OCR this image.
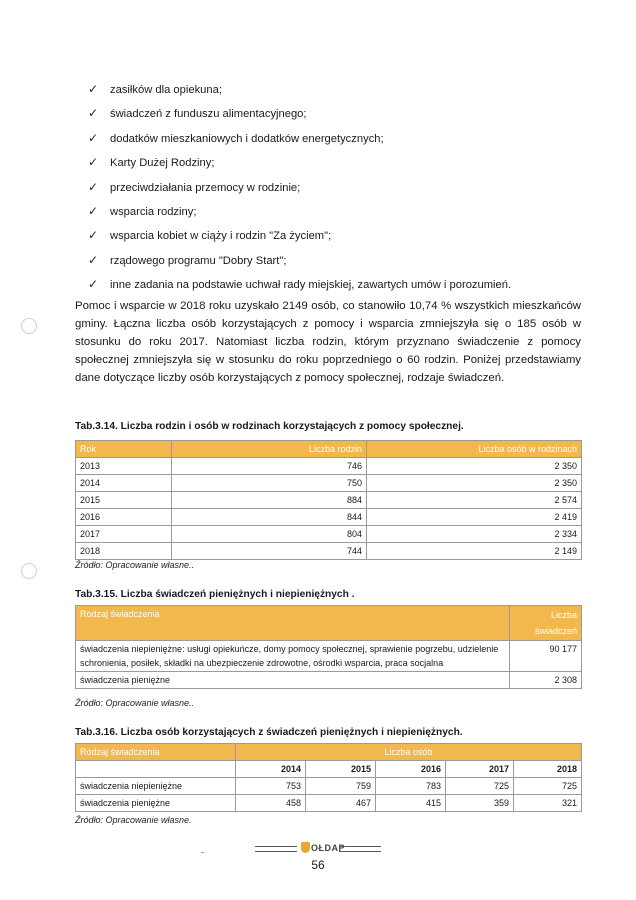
✓ zasiłków dla opiekuna;
✓ świadczeń z funduszu alimentacyjnego;
✓ dodatków mieszkaniowych i dodatków energetycznych;
✓ Karty Dużej Rodziny;
✓ przeciwdziałania przemocy w rodzinie;
✓ wsparcia rodziny;
✓ wsparcia kobiet w ciąży i rodzin "Za życiem";
✓ rządowego programu "Dobry Start";
✓ inne zadania na podstawie uchwał rady miejskiej, zawartych umów i porozumień.

Pomoc i wsparcie w 2018 roku uzyskało 2149 osób, co stanowiło 10,74 % wszystkich mieszkańców gminy. Łączna liczba osób korzystających z pomocy i wsparcia zmniejszyła się o 185 osób w stosunku do roku 2017. Natomiast liczba rodzin, którym przyznano świadczenie z pomocy społecznej zmniejszyła się w stosunku do roku poprzedniego o 60 rodzin. Poniżej przedstawiamy dane dotyczące liczby osób korzystających z pomocy społecznej, rodzaje świadczeń.

Tab.3.14. Liczba rodzin i osób w rodzinach korzystających z pomocy społecznej.
Rok	Liczba rodzin	Liczba osób w rodzinach
2013	746	2 350
2014	750	2 350
2015	884	2 574
2016	844	2 419
2017	804	2 334
2018	744	2 149
Źródło: Opracowanie własne..
Tab.3.15. Liczba świadczeń pieniężnych i niepieniężnych .
Rodzaj świadczenia	Liczba świadczeń
świadczenia niepieniężne: usługi opiekuńcze, domy pomocy społecznej, sprawienie pogrzebu, udzielenie schronienia, posiłek, składki na ubezpieczenie zdrowotne, ośrodki wsparcia, praca socjalna	90 177
świadczenia pieniężne	2 308
Źródło: Opracowanie własne..
Tab.3.16. Liczba osób korzystających z świadczeń pieniężnych i niepieniężnych.
Rodzaj świadczenia	Liczba osób				
	2014	2015	2016	2017	2018
świadczenia niepieniężne	753	759	783	725	725
świadczenia pieniężne	458	467	415	359	321
Źródło: Opracowanie własne.
OŁDAP
56
